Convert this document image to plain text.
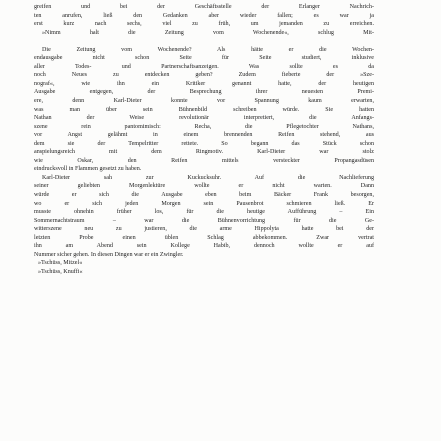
greifen und bei der Geschäftsstelle der Erlanger Nachrich-
ten anrufen, ließ den Gedanken aber wieder fallen; es war ja
erst kurz nach sechs, viel zu früh, um jemanden zu erreichen.
»Nimm halt die Zeitung vom Wochenende«, schlug Mit-
Die Zeitung vom Wochenende? Als hätte er die Wochen-
endausgabe nicht schon Seite für Seite studiert, inklusive
aller Todes- und Partnerschaftsanzeigen. Was sollte es da
noch Neues zu entdecken geben? Zudem fieberte der »Sze-
nograf«, wie ihn ein Kritiker genannt hatte, der heutigen
Ausgabe entgegen, der Besprechung ihrer neuesten Premi-
ere, denn Karl-Dieter konnte vor Spannung kaum erwarten,
was man über sein Bühnenbild schreiben würde. Sie hatten
Nathan der Weise revolutionär interpretiert, die Anfangs-
szene rein pantomimisch: Recha, die Pflegetochter Nathans,
vor Angst gelähmt in einem brennenden Reifen stehend, aus
dem sie der Tempelritter rettete. So begann das Stück schon
anspielungsreich mit dem Ringmotiv. Karl-Dieter war stolz
wie Oskar, den Reifen mittels versteckter Propangasdüsen
eindrucksvoll in Flammen gesetzt zu haben.
Karl-Dieter sah zur Kuckucksuhr. Auf die Nachlieferung
seiner geliebten Morgenlektüre wollte er nicht warten. Dann
würde er sich die Ausgabe eben beim Bäcker Frank besorgen,
wo er sich jeden Morgen sein Pausenbrot schmieren ließ. Er
musste ohnehin früher los, für die heutige Aufführung – Ein
Sommernachtstraum – war die Bühnenvorrichtung für die Ge-
witterszene neu zu justieren, die arme Hippolyta hatte bei der
letzten Probe einen üblen Schlag abbekommen. Zwar vertrat
ihn am Abend sein Kollege Habib, dennoch wollte er auf
Nummer sicher gehen. In diesen Dingen war er ein Zwingler.
»Tschüss, Mitzel«
»Tschüss, Knuffi«
